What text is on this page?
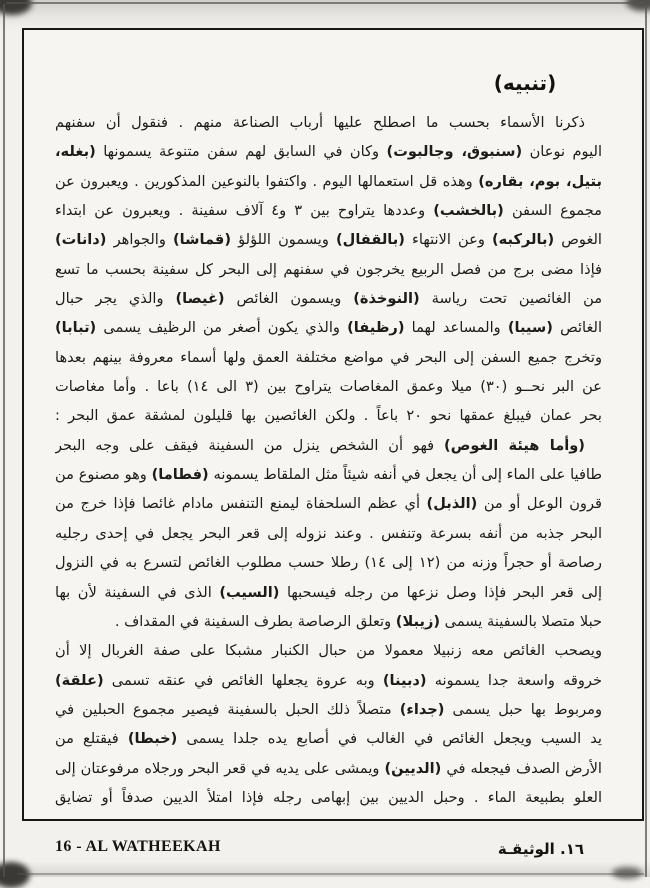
(تنبيه)
ذكرنا الأسماء بحسب ما اصطلح عليها أرباب الصناعة منهم . فنقول أن سفنهم
اليوم نوعان (سنبوق، وجالبوت) وكان في السابق لهم سفن متنوعة يسمونها (بغله،
بتيل، بوم، بقاره) وهذه قل استعمالها اليوم . واكتفوا بالنوعين المذكورين . ويعبرون عن
مجموع السفن (بالخشب) وعددها يتراوح بين ٣ و٤ آلاف سفينة . ويعبرون عن ابتداء
الغوص (بالركبه) وعن الانتهاء (بالقفال) ويسمون اللؤلؤ (قماشا) والجواهر (دانات)
فإذا مضى برج من فصل الربيع يخرجون في سفنهم إلى البحر كل سفينة بحسب ما تسع
من الغائصين تحت رياسة (النوخذة) ويسمون الغائص (غيصا) والذي يجر حبال
الغائص (سيبا) والمساعد لهما (رظيفا) والذي يكون أصغر من الرظيف يسمى (تبابا)
وتخرج جميع السفن إلى البحر في مواضع مختلفة العمق ولها أسماء معروفة بينهم بعدها
عن البر نحــو (٣٠) ميلا وعمق المغاصات يتراوح بين (٣ الى ١٤) باعا . وأما مغاصات
بحر عمان فيبلغ عمقها نحو ٢٠ باعاً . ولكن الغائصين بها قليلون لمشقة عمق البحر :
(وأما هيئة الغوص) فهو أن الشخص ينزل من السفينة فيقف على وجه البحر
طافيا على الماء إلى أن يجعل في أنفه شيئاً مثل الملقاط يسمونه (فطاما) وهو مصنوع من
قرون الوعل أو من (الذبل) أي عظم السلحفاة ليمنع التنفس مادام غائصا فإذا خرج من
البحر جذبه من أنفه بسرعة وتنفس . وعند نزوله إلى قعر البحر يجعل في إحدى رجليه
رصاصة أو حجراً وزنه من (١٢ إلى ١٤) رطلا حسب مطلوب الغائص لتسرع به في النزول
إلى قعر البحر فإذا وصل نزعها من رجله فيسحبها (السيب) الذى في السفينة لأن بها
حبلا متصلا بالسفينة يسمى (زيبلا) وتعلق الرصاصة بطرف السفينة في المقداف .
ويصحب الغائص معه زنبيلا معمولا من حبال الكنبار مشبكا على صفة الغربال إلا أن
خروقه واسعة جدا يسمونه (دبينا) وبه عروة يجعلها الغائص في عنقه تسمى (علقة)
ومربوط بها حبل يسمى (جداء) متصلاً ذلك الحبل بالسفينة فيصير مجموع الحبلين في
يد السيب ويجعل الغائص في الغالب في أصابع يده جلدا يسمى (خبطا) فيقتلع من
الأرض الصدف فيجعله في (الديين) ويمشى على يديه في قعر البحر ورجلاه مرفوعتان إلى
العلو بطبيعة الماء . وحبل الديين بين إبهامى رجله فإذا امتلأ الديين صدفاً أو تضايق
16 - AL WATHEEKAH	١٦. الوثيقـة
